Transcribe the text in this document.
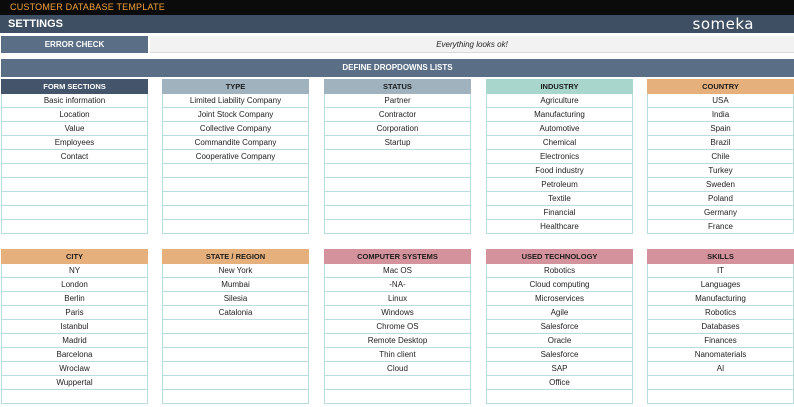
CUSTOMER DATABASE TEMPLATE
SETTINGS	someka
ERROR CHECK	Everything looks ok!
DEFINE DROPDOWNS LISTS
FORM SECTIONS
Basic information
Location
Value
Employees
Contact
TYPE
Limited Liability Company
Joint Stock Company
Collective Company
Commandite Company
Cooperative Company
STATUS
Partner
Contractor
Corporation
Startup
INDUSTRY
Agriculture
Manufacturing
Automotive
Chemical
Electronics
Food industry
Petroleum
Textile
Financial
Healthcare
COUNTRY
USA
India
Spain
Brazil
Chile
Turkey
Sweden
Poland
Germany
France
CITY
NY
London
Berlin
Paris
Istanbul
Madrid
Barcelona
Wroclaw
Wuppertal
STATE / REGION
New York
Mumbai
Silesia
Catalonia
COMPUTER SYSTEMS
Mac OS
-NA-
Linux
Windows
Chrome OS
Remote Desktop
Thin client
Cloud
USED TECHNOLOGY
Robotics
Cloud computing
Microservices
Agile
Salesforce
Oracle
Salesforce
SAP
Office
SKILLS
IT
Languages
Manufacturing
Robotics
Databases
Finances
Nanomaterials
AI
